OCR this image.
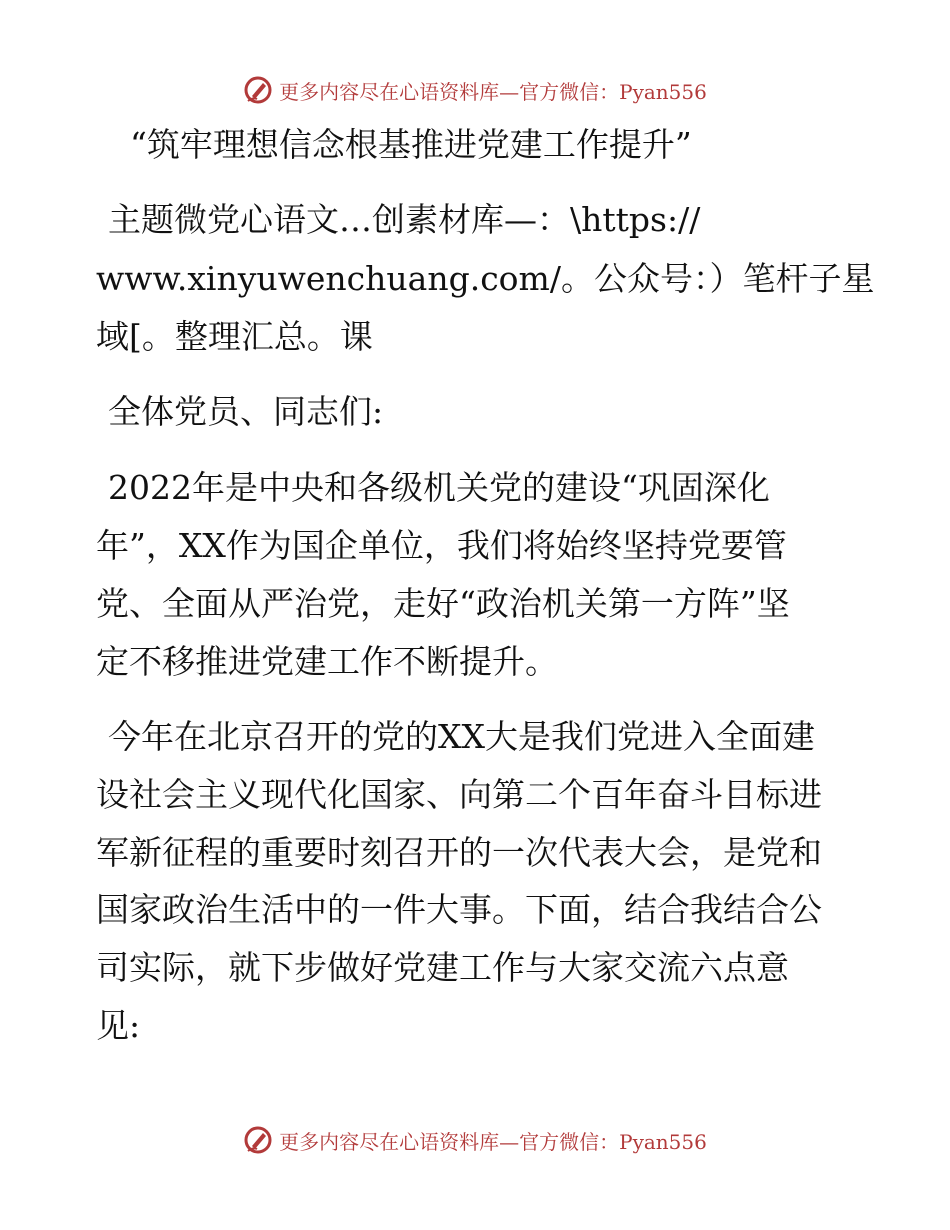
更多内容尽在心语资料库—官方微信：Pyan556
“筑牢理想信念根基推进党建工作提升”
主题微党心语文…创素材库—：\https://
www.xinyuwenchuang.com/。公众号：）笔杆子星
域[。整理汇总。课
全体党员、同志们:
2022年是中央和各级机关党的建设“巩固深化
年”，XX作为国企单位，我们将始终坚持党要管
党、全面从严治党，走好“政治机关第一方阵”坚
定不移推进党建工作不断提升。
今年在北京召开的党的XX大是我们党进入全面建
设社会主义现代化国家、向第二个百年奋斗目标进
军新征程的重要时刻召开的一次代表大会，是党和
国家政治生活中的一件大事。下面，结合我结合公
司实际，就下步做好党建工作与大家交流六点意
见:
更多内容尽在心语资料库—官方微信：Pyan556
